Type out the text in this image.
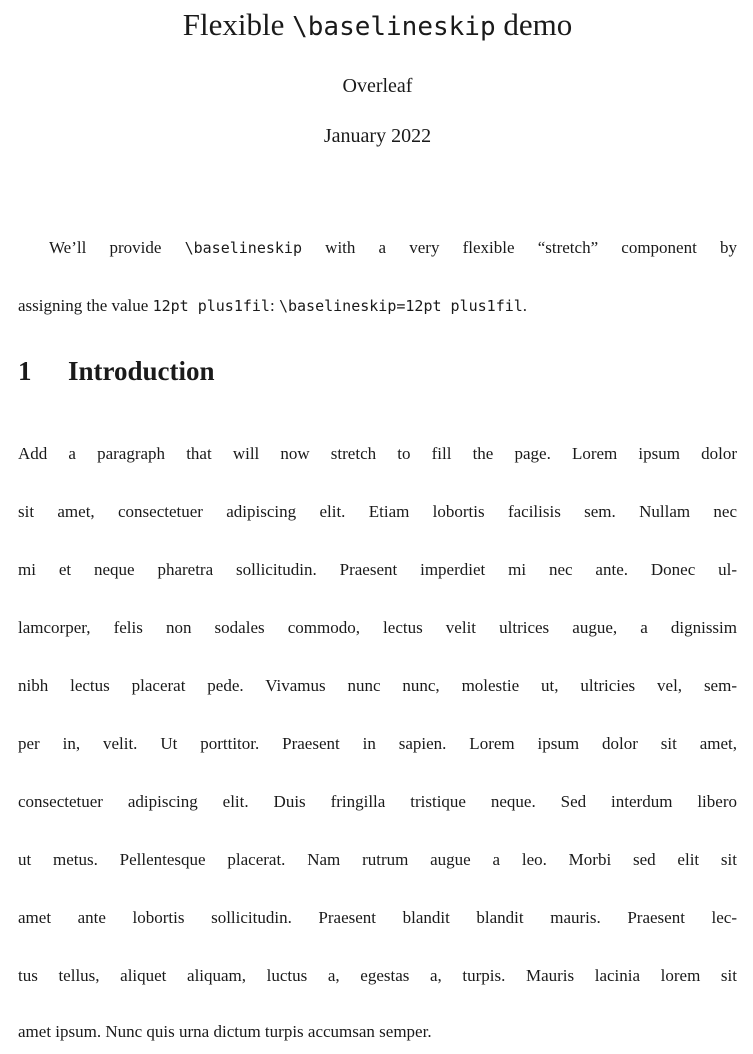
Flexible \baselineskip demo
Overleaf
January 2022
We’ll provide \baselineskip with a very flexible “stretch” component by
assigning the value 12pt plus1fil: \baselineskip=12pt plus1fil.
1 Introduction
Add a paragraph that will now stretch to fill the page. Lorem ipsum dolor
sit amet, consectetuer adipiscing elit. Etiam lobortis facilisis sem. Nullam nec
mi et neque pharetra sollicitudin. Praesent imperdiet mi nec ante. Donec ul-
lamcorper, felis non sodales commodo, lectus velit ultrices augue, a dignissim
nibh lectus placerat pede. Vivamus nunc nunc, molestie ut, ultricies vel, sem-
per in, velit. Ut porttitor. Praesent in sapien. Lorem ipsum dolor sit amet,
consectetuer adipiscing elit. Duis fringilla tristique neque. Sed interdum libero
ut metus. Pellentesque placerat. Nam rutrum augue a leo. Morbi sed elit sit
amet ante lobortis sollicitudin. Praesent blandit blandit mauris. Praesent lec-
tus tellus, aliquet aliquam, luctus a, egestas a, turpis. Mauris lacinia lorem sit
amet ipsum. Nunc quis urna dictum turpis accumsan semper.
